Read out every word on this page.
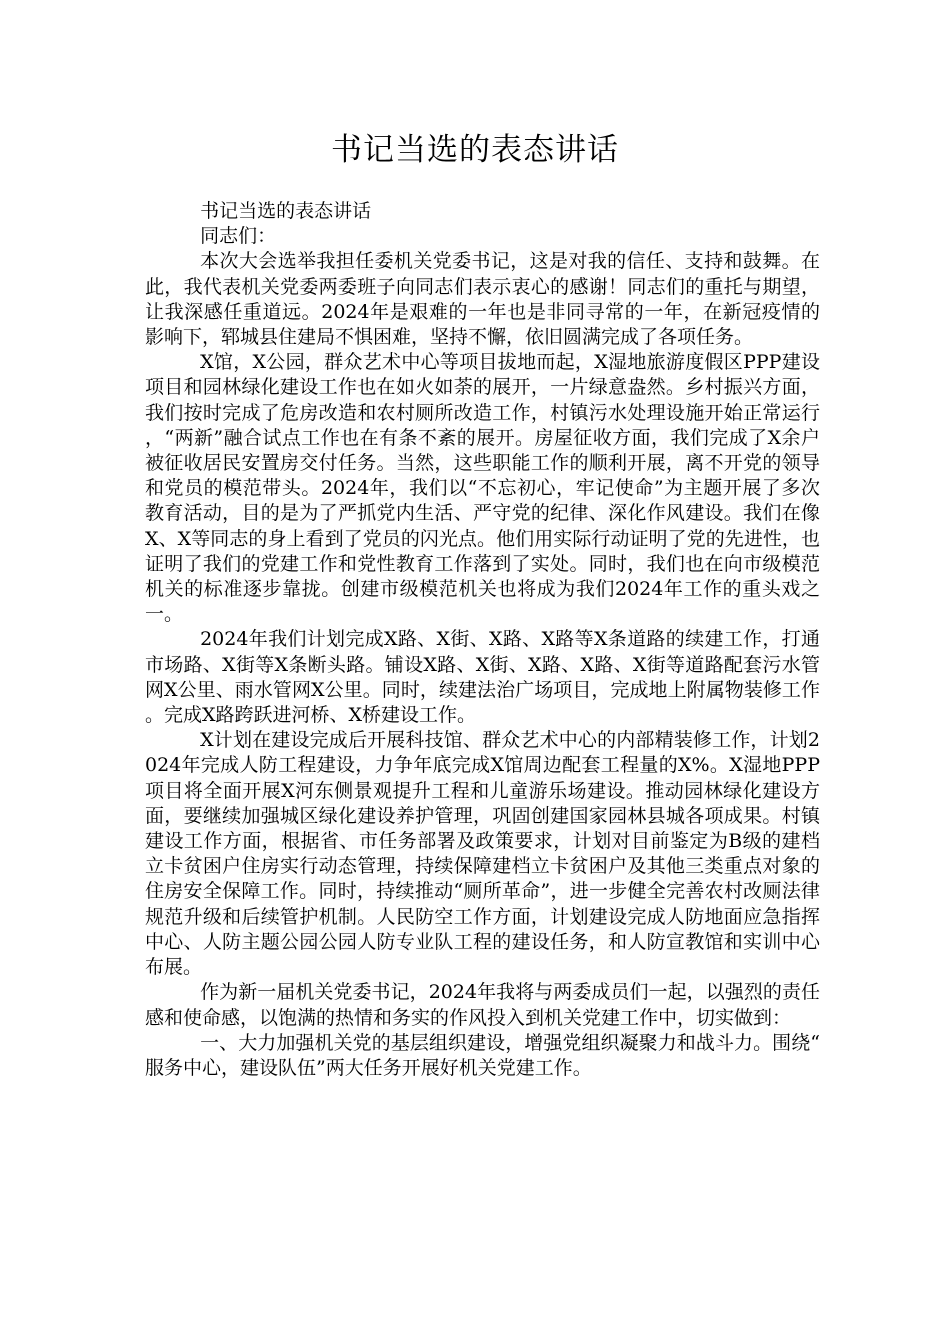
书记当选的表态讲话

书记当选的表态讲话

同志们：

本次大会选举我担任委机关党委书记，这是对我的信任、支持和鼓舞。在此，我代表机关党委两委班子向同志们表示衷心的感谢！同志们的重托与期望，让我深感任重道远。2024年是艰难的一年也是非同寻常的一年，在新冠疫情的影响下，郓城县住建局不惧困难，坚持不懈，依旧圆满完成了各项任务。

X馆，X公园，群众艺术中心等项目拔地而起，X湿地旅游度假区PPP建设项目和园林绿化建设工作也在如火如荼的展开，一片绿意盎然。乡村振兴方面，我们按时完成了危房改造和农村厕所改造工作，村镇污水处理设施开始正常运行，“两新”融合试点工作也在有条不紊的展开。房屋征收方面，我们完成了X余户被征收居民安置房交付任务。当然，这些职能工作的顺利开展，离不开党的领导和党员的模范带头。2024年，我们以“不忘初心，牢记使命”为主题开展了多次教育活动，目的是为了严抓党内生活、严守党的纪律、深化作风建设。我们在像X、X等同志的身上看到了党员的闪光点。他们用实际行动证明了党的先进性，也证明了我们的党建工作和党性教育工作落到了实处。同时，我们也在向市级模范机关的标准逐步靠拢。创建市级模范机关也将成为我们2024年工作的重头戏之一。

2024年我们计划完成X路、X街、X路、X路等X条道路的续建工作，打通市场路、X街等X条断头路。铺设X路、X街、X路、X路、X街等道路配套污水管网X公里、雨水管网X公里。同时，续建法治广场项目，完成地上附属物装修工作。完成X路跨跃进河桥、X桥建设工作。

X计划在建设完成后开展科技馆、群众艺术中心的内部精装修工作，计划2024年完成人防工程建设，力争年底完成X馆周边配套工程量的X%。X湿地PPP项目将全面开展X河东侧景观提升工程和儿童游乐场建设。推动园林绿化建设方面，要继续加强城区绿化建设养护管理，巩固创建国家园林县城各项成果。村镇建设工作方面，根据省、市任务部署及政策要求，计划对目前鉴定为B级的建档立卡贫困户住房实行动态管理，持续保障建档立卡贫困户及其他三类重点对象的住房安全保障工作。同时，持续推动“厕所革命”，进一步健全完善农村改厕法律规范升级和后续管护机制。人民防空工作方面，计划建设完成人防地面应急指挥中心、人防主题公园公园人防专业队工程的建设任务，和人防宣教馆和实训中心布展。

作为新一届机关党委书记，2024年我将与两委成员们一起，以强烈的责任感和使命感，以饱满的热情和务实的作风投入到机关党建工作中，切实做到：

一、大力加强机关党的基层组织建设，增强党组织凝聚力和战斗力。围绕“服务中心，建设队伍”两大任务开展好机关党建工作。
